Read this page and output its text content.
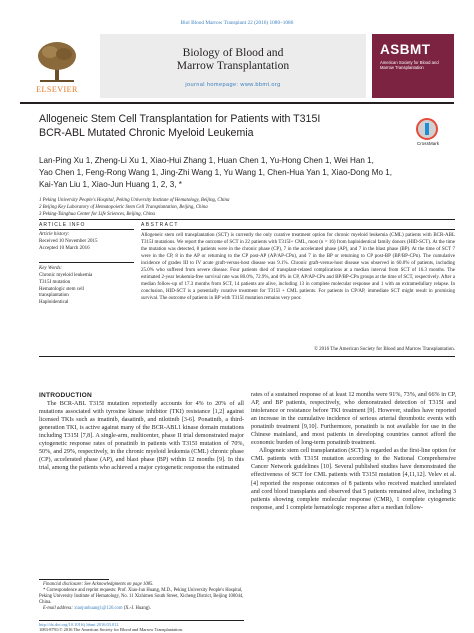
Biol Blood Marrow Transplant 22 (2016) 1080–1086
ELSEVIER
Biology of Blood and
Marrow Transplantation
journal homepage: www.bbmt.org
ASBMT
American Society for Blood and Marrow Transplantation
Allogeneic Stem Cell Transplantation for Patients with T315I
BCR-ABL Mutated Chronic Myeloid Leukemia
CrossMark
Lan-Ping Xu 1, Zheng-Li Xu 1, Xiao-Hui Zhang 1, Huan Chen 1, Yu-Hong Chen 1, Wei Han 1,
Yao Chen 1, Feng-Rong Wang 1, Jing-Zhi Wang 1, Yu Wang 1, Chen-Hua Yan 1, Xiao-Dong Mo 1,
Kai-Yan Liu 1, Xiao-Jun Huang 1, 2, 3, *
1 Peking University People's Hospital, Peking University Institute of Hematology, Beijing, China
2 Beijing Key Laboratory of Hematopoietic Stem Cell Transplantation, Beijing, China
3 Peking-Tsinghua Center for Life Sciences, Beijing, China
ARTICLE INFO
Article history:
Received 10 November 2015
Accepted 10 March 2016
Key Words:
Chronic myeloid leukemia
T315I mutation
Hematologic stem cell
transplantation
Haploidentical
ABSTRACT
Allogeneic stem cell transplantation (SCT) is currently the only curative treatment option for chronic myeloid leukemia (CML) patients with BCR-ABL T315I mutations. We report the outcome of SCT in 22 patients with T315I+ CML, most (n = 16) from haploidentical family donors (HID-SCT). At the time the mutation was detected, 8 patients were in the chronic phase (CP), 7 in the accelerated phase (AP), and 7 in the blast phase (BP). At the time of SCT 7 were in the CP, 8 in the AP or returning to the CP post-AP (AP/AP-CPn), and 7 in the BP or returning to CP post-BP (BP/BP-CPn). The cumulative incidence of grades III to IV acute graft-versus-host disease was 9.1%. Chronic graft-versus-host disease was observed in 60.0% of patients, including 25.0% who suffered from severe disease. Four patients died of transplant-related complications at a median interval from SCT of 16.3 months. The estimated 2-year leukemia-free survival rate was 80.0%, 72.9%, and 0% in CP, AP/AP-CPn and BP/BP-CPn groups at the time of SCT, respectively. After a median follow-up of 17.3 months from SCT, 14 patients are alive, including 13 in complete molecular response and 1 with an extramedullary relapse. In conclusion, HID-SCT is a potentially curative treatment for T315I + CML patients. For patients in CP/AP, immediate SCT might result in promising survival. The outcome of patients in BP with T315I mutation remains very poor.
© 2016 The American Society for Blood and Marrow Transplantation.
INTRODUCTION

The BCR-ABL T315I mutation reportedly accounts for 4% to 20% of all mutations associated with tyrosine kinase inhibitor (TKI) resistance [1,2] against licensed TKIs such as imatinib, dasatinib, and nilotinib [3-6]. Ponatinib, a third-generation TKI, is active against many of the BCR-ABL1 kinase domain mutations including T315I [7,8]. A single-arm, multicenter, phase II trial demonstrated major cytogenetic response rates of ponatinib in patients with T315I mutation of 70%, 50%, and 29%, respectively, in the chronic myeloid leukemia (CML) chronic phase (CP), accelerated phase (AP), and blast phase (BP) within 12 months [9]. In this trial, among the patients who achieved a major cytogenetic response the estimated

rates of a sustained response of at least 12 months were 91%, 73%, and 66% in CP, AP, and BP patients, respectively, who demonstrated detection of T315I and intolerance or resistance before TKI treatment [9]. However, studies have reported an increase in the cumulative incidence of serious arterial thrombotic events with ponatinib treatment [9,10]. Furthermore, ponatinib is not available for use in the Chinese mainland, and most patients in developing countries cannot afford the economic burden of long-term ponatinib treatment.

Allogeneic stem cell transplantation (SCT) is regarded as the first-line option for CML patients with T315I mutation according to the National Comprehensive Cancer Network guidelines [10]. Several published studies have demonstrated the effectiveness of SCT for CML patients with T315I mutation [4,11,12]. Velev et al. [4] reported the response outcomes of 8 patients who received matched unrelated and cord blood transplants and observed that 5 patients remained alive, including 3 patients showing complete molecular response (CMR), 1 complete cytogenetic response, and 1 complete hematologic response after a median follow-

Financial disclosure: See Acknowledgments on page 1085.

* Correspondence and reprint requests: Prof. Xiao-Jun Huang, M.D., Peking University People's Hospital, Peking University Institute of Hematology, No. 11 Xizhimen South Street, Xicheng District, Beijing 100044, China.

E-mail address: xiaojunhuang1@126.com (X.-J. Huang).

http://dx.doi.org/10.1016/j.bbmt.2016.03.012
1083-8791/© 2016 The American Society for Blood and Marrow Transplantation.
